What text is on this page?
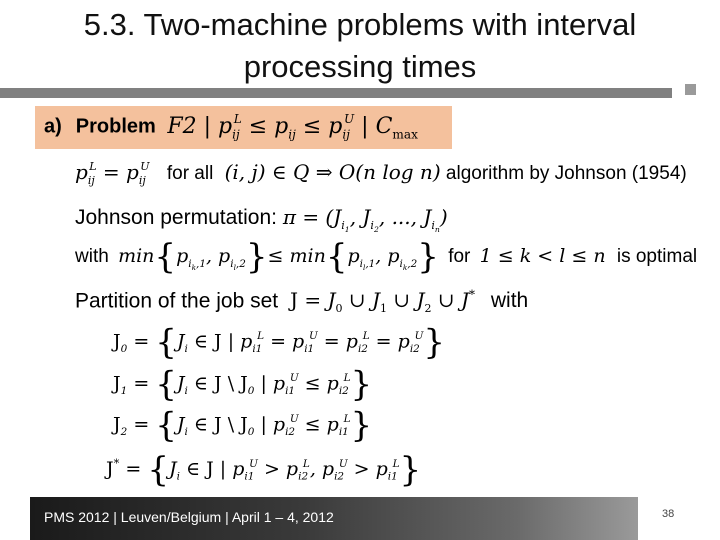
5.3. Two-machine problems with interval
processing times
a) Problem F2 | $p_{ij}^L \le p_{ij} \le p_{ij}^U$ | $C_{max}$
$p_{ij}^L = p_{ij}^U$ for all (i, j) ∈ Q ⇒ O(n log n) algorithm by Johnson (1954)
Johnson permutation: $\pi = (J_{i_1}$, $J_{i_2}$, ..., $J_{i_n}$)
with $\min\{p_{i_k,1}$, $p_{i_l,2}\}\le \min\{p_{i_l,1}$, $p_{i_k,2}$} for 1 ≤ k < l ≤ n is optimal
Partition of the job set $J = J_0$ ∪ $J_1$ ∪ $J_2$ ∪ J* with
$J_0 = \{J_i$ ∈ J | $p_{i1}^L = p_{i1}^U = p_{i2}^L = p_{i2}^U$}
$J_1 = \{J_i$ ∈ J \ $J_0$ | $p_{i1}^U \le p_{i2}^L$}
$J_2 = \{J_i$ ∈ J \ $J_0$ | $p_{i2}^U \le p_{i1}^L$}
$J^* = \{J_i$ ∈ J | $p_{i1}^U > p_{i2}^L$, $p_{i2}^U > p_{i1}^L$}
PMS 2012 | Leuven/Belgium | April 1 – 4, 2012	38
